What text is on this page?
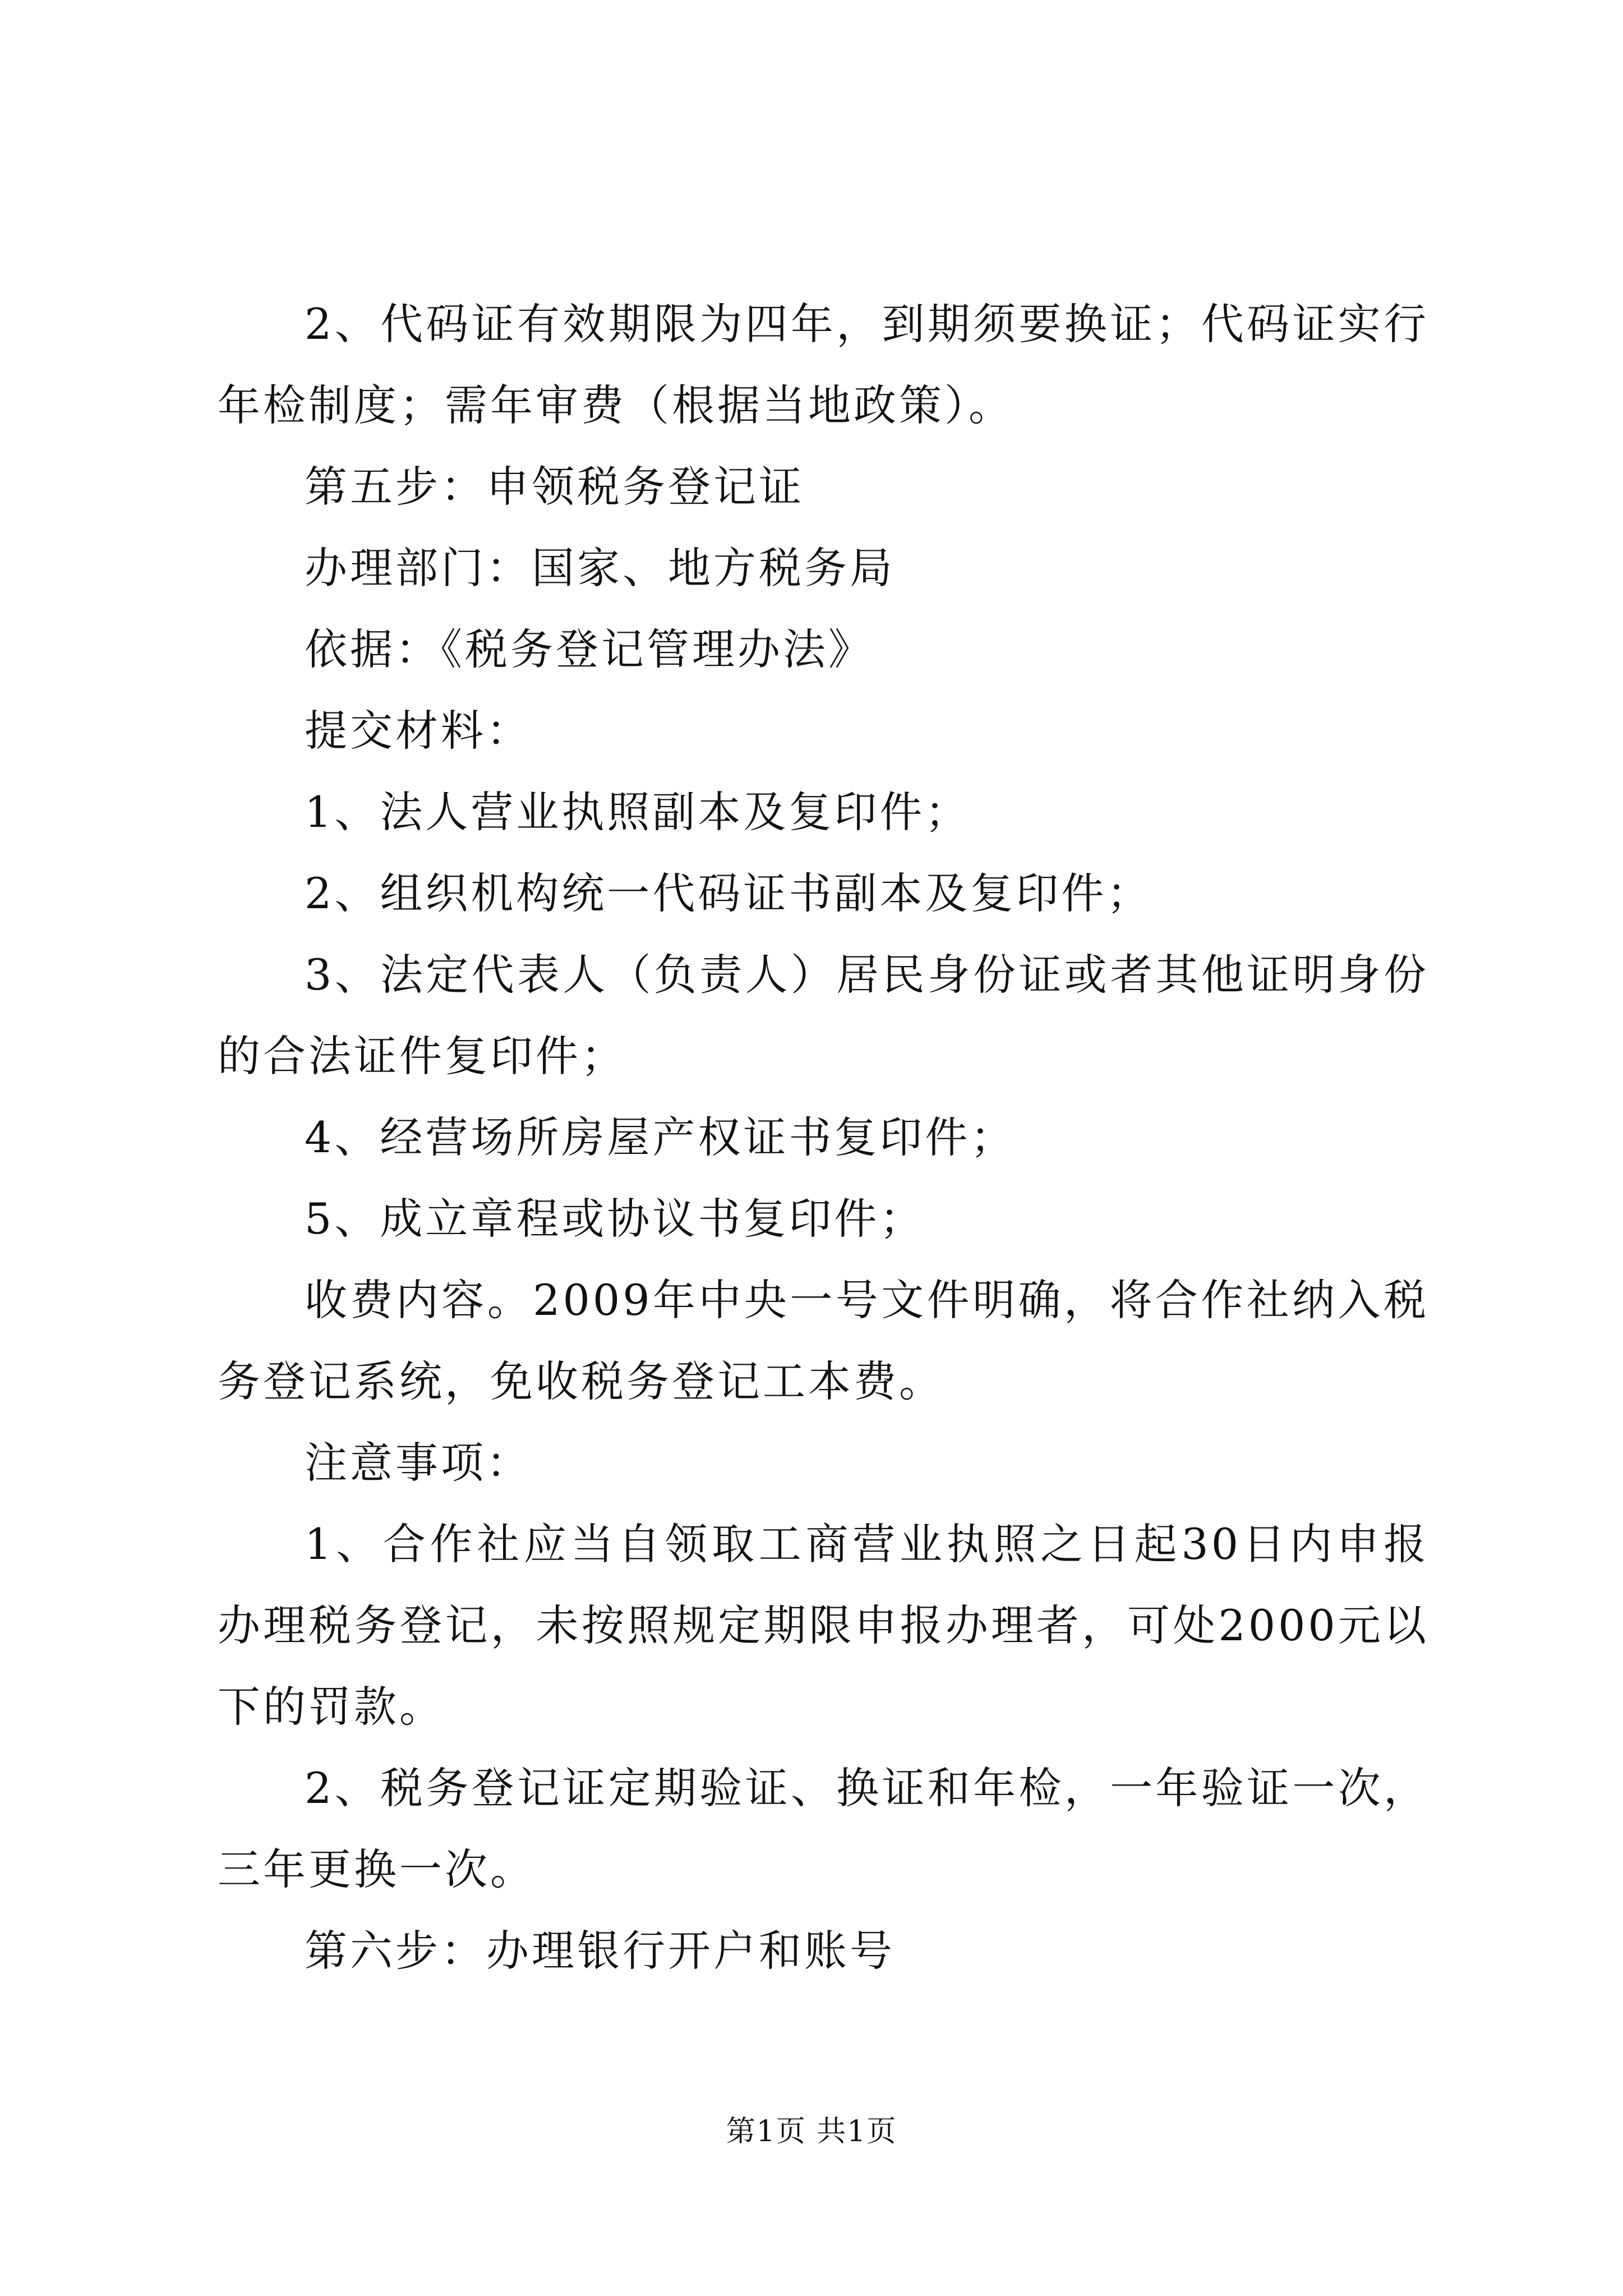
2、代码证有效期限为四年，到期须要换证；代码证实行年检制度；需年审费（根据当地政策）。

第五步：申领税务登记证

办理部门：国家、地方税务局

依据：《税务登记管理办法》

提交材料：

1、法人营业执照副本及复印件；

2、组织机构统一代码证书副本及复印件；

3、法定代表人（负责人）居民身份证或者其他证明身份的合法证件复印件；

4、经营场所房屋产权证书复印件；

5、成立章程或协议书复印件；

收费内容。2009年中央一号文件明确，将合作社纳入税务登记系统，免收税务登记工本费。

注意事项：

1、合作社应当自领取工商营业执照之日起30日内申报办理税务登记，未按照规定期限申报办理者，可处2000元以下的罚款。

2、税务登记证定期验证、换证和年检，一年验证一次，三年更换一次。

第六步：办理银行开户和账号

第1页 共1页
